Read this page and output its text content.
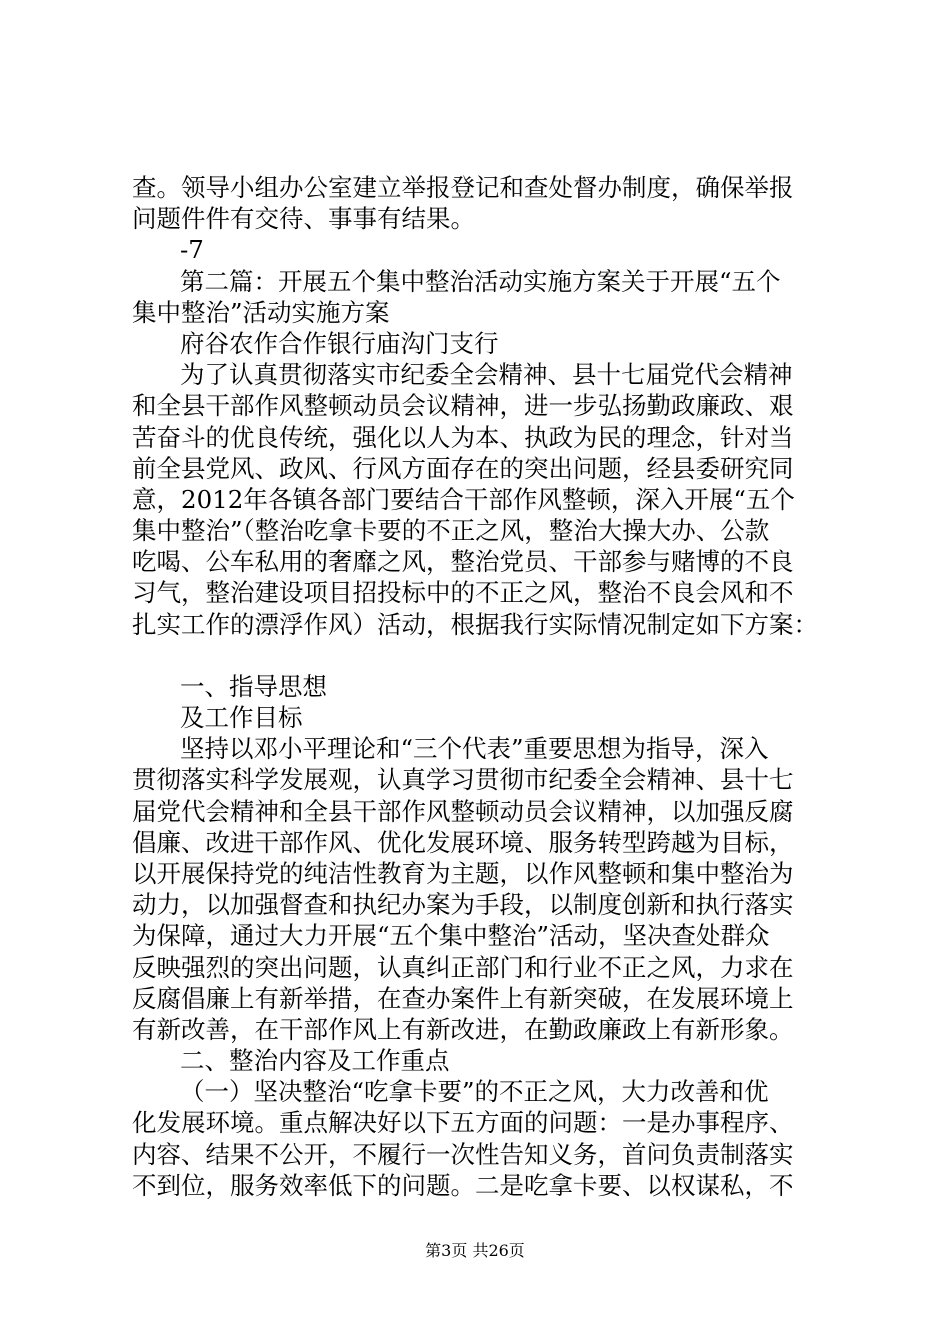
查。领导小组办公室建立举报登记和查处督办制度，确保举报
问题件件有交待、事事有结果。
-7
第二篇：开展五个集中整治活动实施方案关于开展“五个
集中整治”活动实施方案
府谷农作合作银行庙沟门支行
为了认真贯彻落实市纪委全会精神、县十七届党代会精神
和全县干部作风整顿动员会议精神，进一步弘扬勤政廉政、艰
苦奋斗的优良传统，强化以人为本、执政为民的理念，针对当
前全县党风、政风、行风方面存在的突出问题，经县委研究同
意，2012年各镇各部门要结合干部作风整顿，深入开展“五个
集中整治”（整治吃拿卡要的不正之风，整治大操大办、公款
吃喝、公车私用的奢靡之风，整治党员、干部参与赌博的不良
习气，整治建设项目招投标中的不正之风，整治不良会风和不
扎实工作的漂浮作风）活动，根据我行实际情况制定如下方案：
一、指导思想
及工作目标
坚持以邓小平理论和“三个代表”重要思想为指导，深入
贯彻落实科学发展观，认真学习贯彻市纪委全会精神、县十七
届党代会精神和全县干部作风整顿动员会议精神，以加强反腐
倡廉、改进干部作风、优化发展环境、服务转型跨越为目标，
以开展保持党的纯洁性教育为主题，以作风整顿和集中整治为
动力，以加强督查和执纪办案为手段，以制度创新和执行落实
为保障，通过大力开展“五个集中整治”活动，坚决查处群众
反映强烈的突出问题，认真纠正部门和行业不正之风，力求在
反腐倡廉上有新举措，在查办案件上有新突破，在发展环境上
有新改善，在干部作风上有新改进，在勤政廉政上有新形象。
二、整治内容及工作重点
（一）坚决整治“吃拿卡要”的不正之风，大力改善和优
化发展环境。重点解决好以下五方面的问题：一是办事程序、
内容、结果不公开，不履行一次性告知义务，首问负责制落实
不到位，服务效率低下的问题。二是吃拿卡要、以权谋私，不
第3页 共26页
